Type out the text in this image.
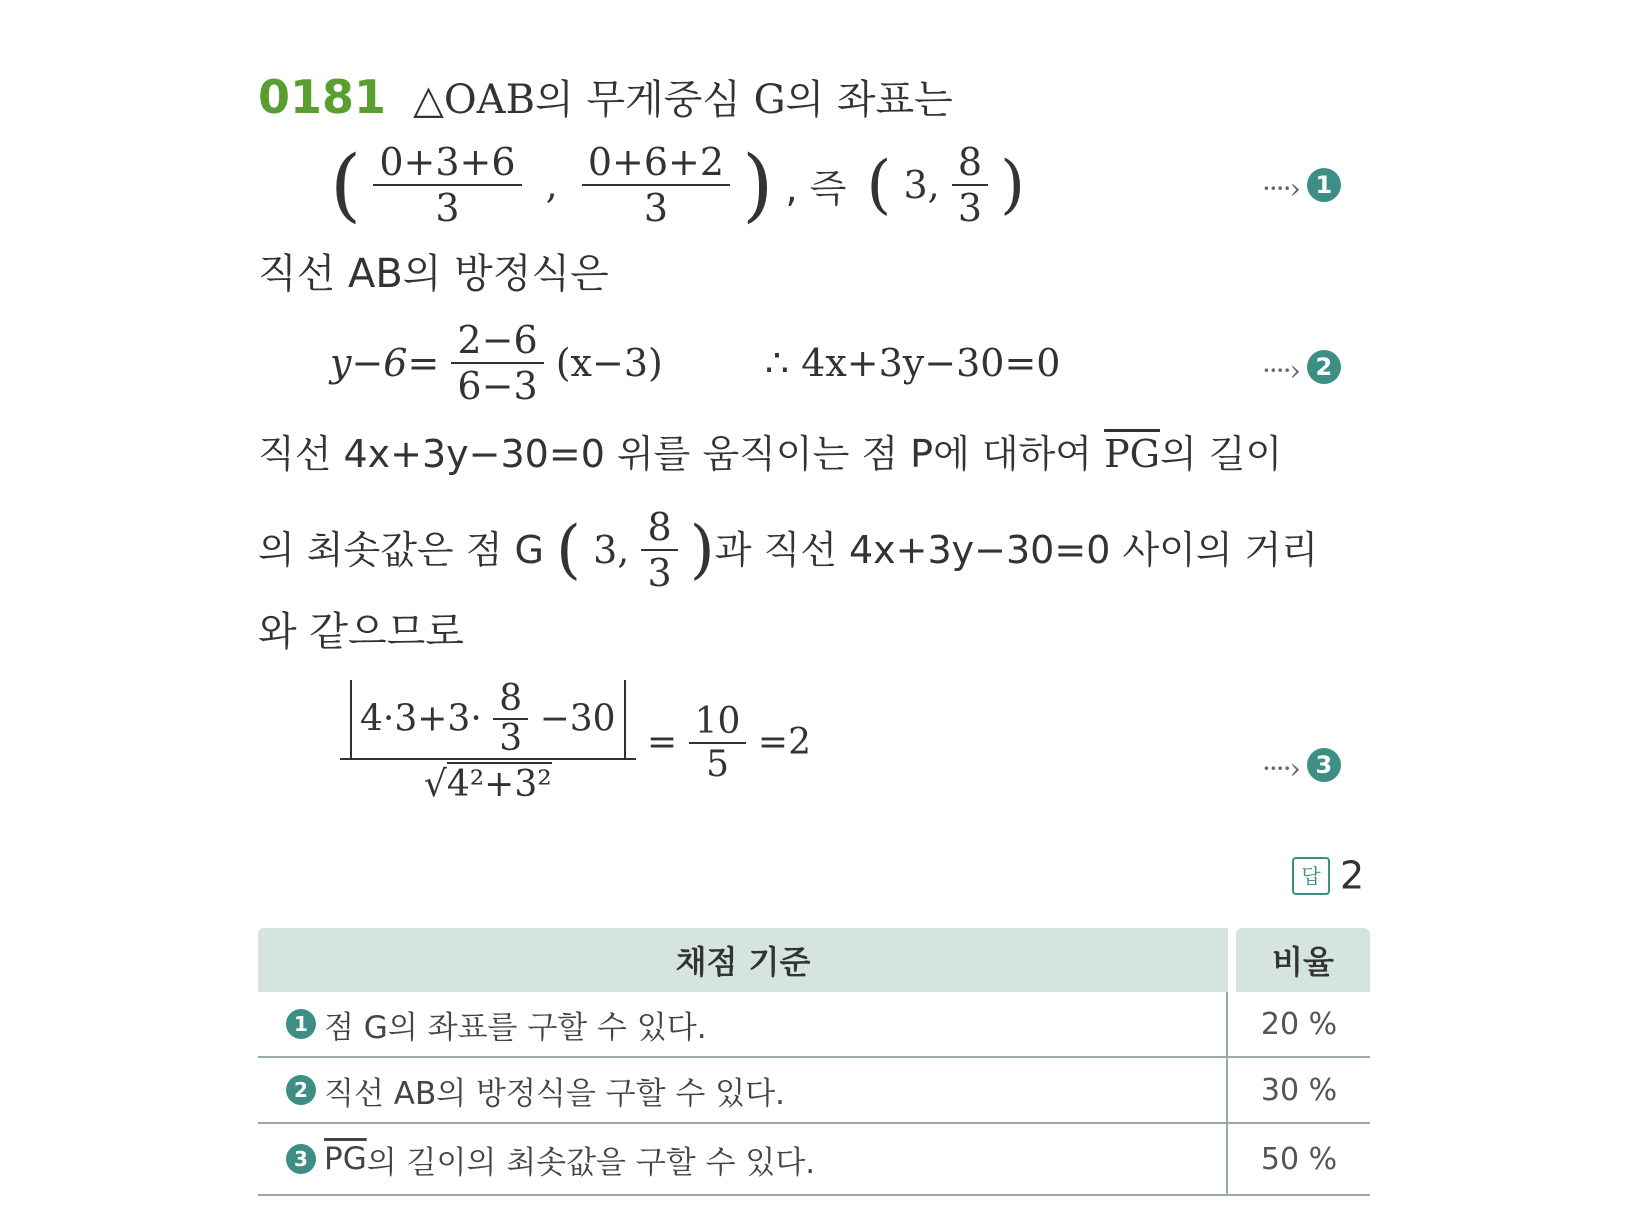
0181 △OAB의 무게중심 G의 좌표는
( $\frac{0+3+6}{3}$ , $\frac{0+6+2}{3}$ ) , 즉 ( 3, $\frac{8}{3}$ )	····› 1
직선 AB의 방정식은
$y-6= \frac{2-6}{6-3} (x-3)$	∴ 4x+3y−30=0	····› 2
직선 4x+3y−30=0 위를 움직이는 점 P에 대하여 $\overline{PG}$의 길이
의 최솟값은 점 G ( 3, $\frac{8}{3}$ )과 직선 4x+3y−30=0 사이의 거리
와 같으므로
$\frac{4\cdot 3+3\cdot \frac{8}{3} -30}{\text{√4²+3²}} = \frac{10}{5} =2$
····› 3
답 2
채점 기준	비율
1 점 G의 좌표를 구할 수 있다.	20 %
2 직선 AB의 방정식을 구할 수 있다.	30 %
3 $\overline{PG}$ 의 길이의 최솟값을 구할 수 있다.	50 %
